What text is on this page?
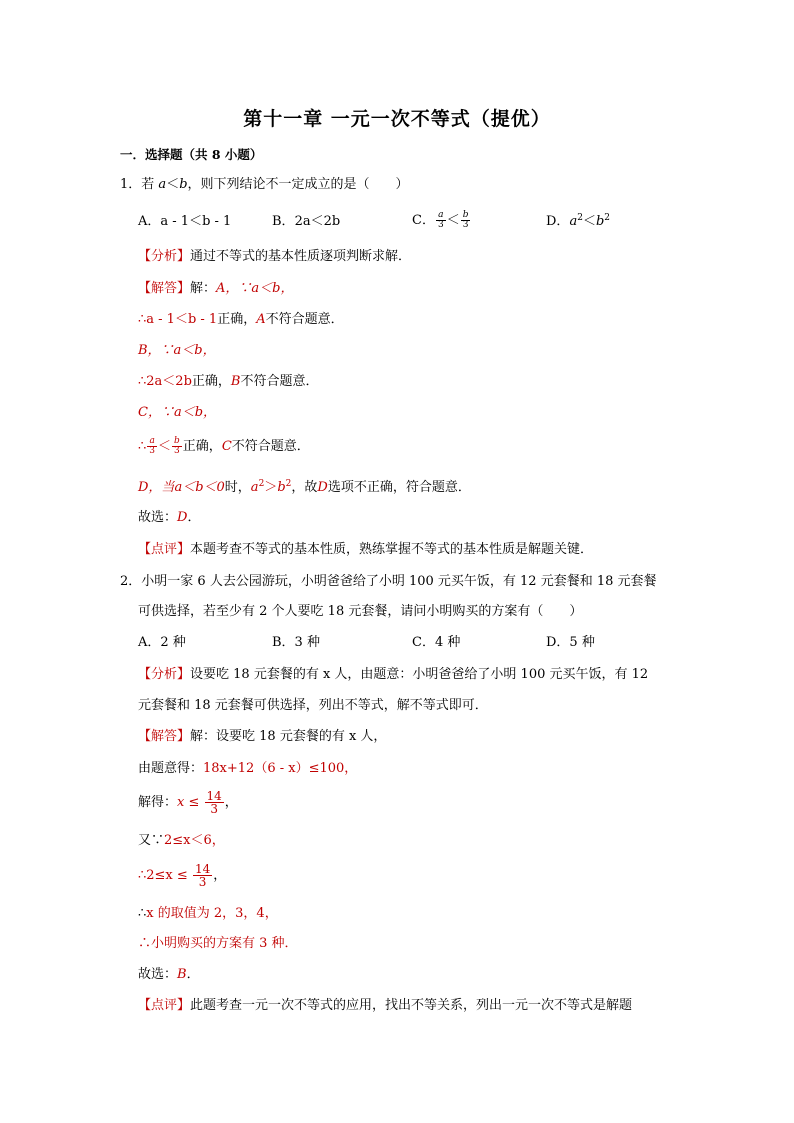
第十一章 一元一次不等式（提优）
一．选择题（共 8 小题）
1．若 a＜b，则下列结论不一定成立的是（　　）
A．a - 1＜b - 1	B．2a＜2b	C． $\frac{a}{3} < \frac{b}{3}$	D．$a^2<b^2$
【分析】通过不等式的基本性质逐项判断求解．
【解答】解：A，∵a＜b，
∴a - 1＜b - 1正确，A不符合题意．
B，∵a＜b，
∴2a＜2b正确，B不符合题意．
C，∵a＜b，
∴ $\frac{a}{3} < \frac{b}{3}$ 正确，C不符合题意．
D，当a＜b＜0时，$a^2>b^2$，故D选项不正确，符合题意．
故选：D．
【点评】本题考查不等式的基本性质，熟练掌握不等式的基本性质是解题关键．
2．小明一家 6 人去公园游玩，小明爸爸给了小明 100 元买午饭，有 12 元套餐和 18 元套餐
可供选择，若至少有 2 个人要吃 18 元套餐，请问小明购买的方案有（　　）
A．2 种	B．3 种	C．4 种	D．5 种
【分析】设要吃 18 元套餐的有 x 人，由题意：小明爸爸给了小明 100 元买午饭，有 12
元套餐和 18 元套餐可供选择，列出不等式，解不等式即可．
【解答】解：设要吃 18 元套餐的有 x 人，
由题意得：18x+12（6 - x）≤100，
解得：$x \le \frac{14}{3}$ ，
又∵2≤x＜6，
∴2≤x ≤ $\frac{14}{3}$ ，
∴x 的取值为 2，3，4，
∴小明购买的方案有 3 种．
故选：B．
【点评】此题考查一元一次不等式的应用，找出不等关系，列出一元一次不等式是解题
